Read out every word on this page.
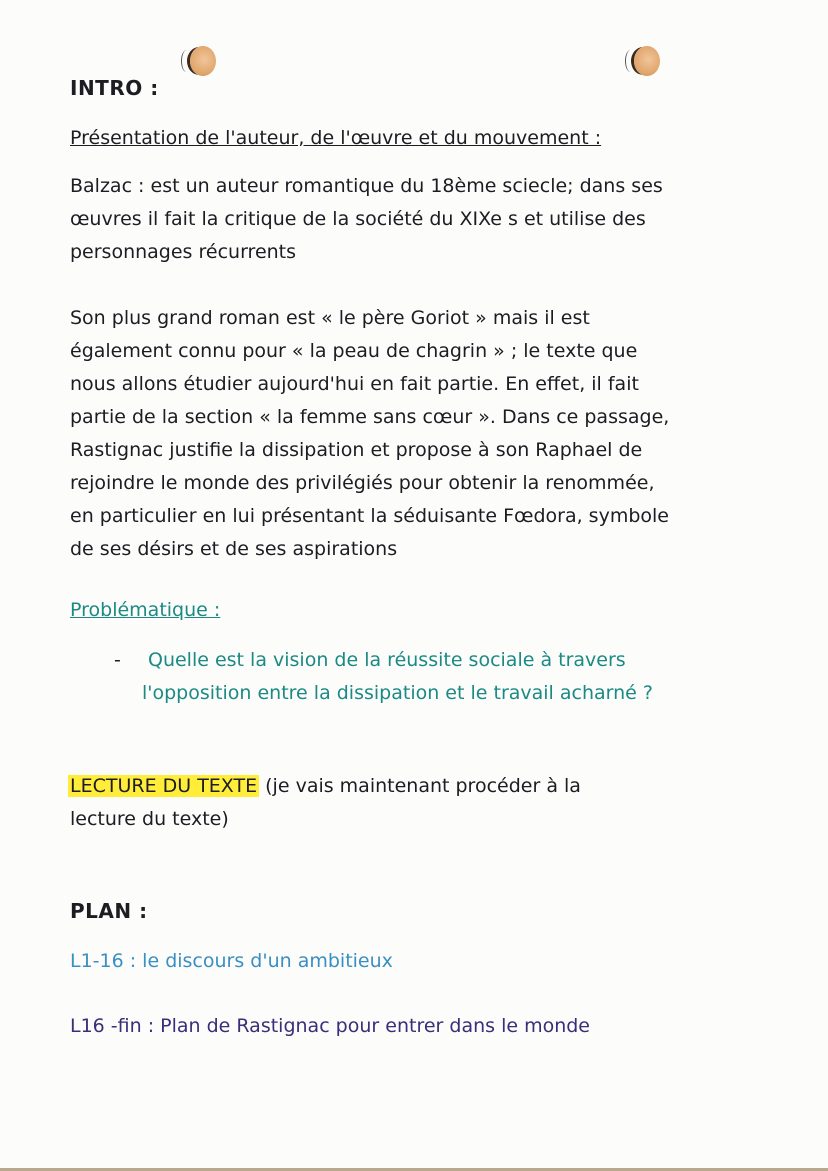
INTRO :
Présentation de l'auteur, de l'œuvre et du mouvement :
Balzac : est un auteur romantique du 18ème sciecle; dans ses
œuvres il fait la critique de la société du XIXe s et utilise des
personnages récurrents
Son plus grand roman est « le père Goriot » mais il est
également connu pour « la peau de chagrin » ; le texte que
nous allons étudier aujourd'hui en fait partie. En effet, il fait
partie de la section « la femme sans cœur ». Dans ce passage,
Rastignac justifie la dissipation et propose à son Raphael de
rejoindre le monde des privilégiés pour obtenir la renommée,
en particulier en lui présentant la séduisante Fœdora, symbole
de ses désirs et de ses aspirations
Problématique :
-	Quelle est la vision de la réussite sociale à travers
l'opposition entre la dissipation et le travail acharné ?
LECTURE DU TEXTE (je vais maintenant procéder à la
lecture du texte)
PLAN :
L1-16 : le discours d'un ambitieux
L16 -fin : Plan de Rastignac pour entrer dans le monde
